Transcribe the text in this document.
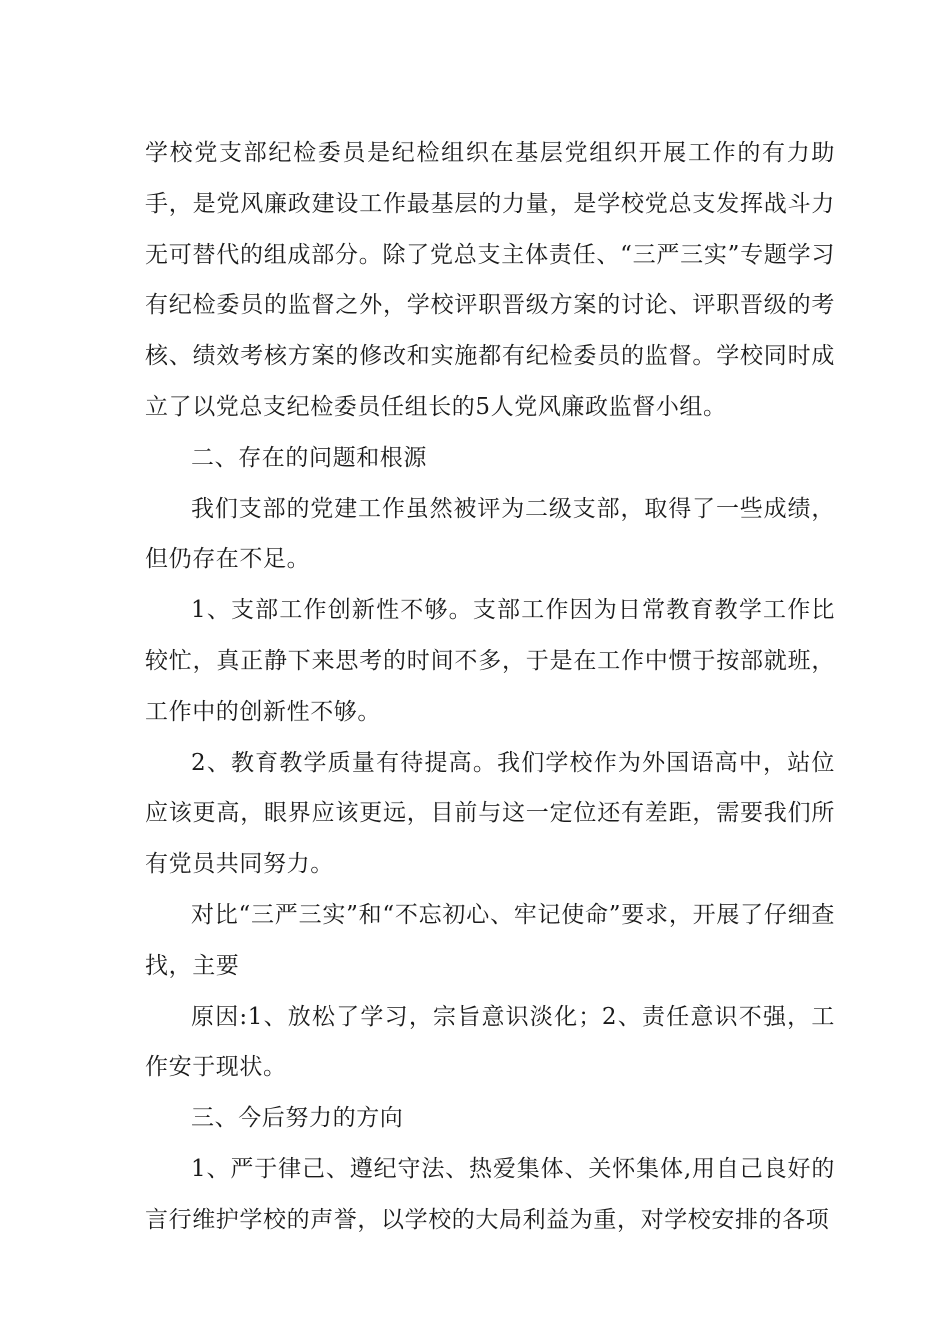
学校党支部纪检委员是纪检组织在基层党组织开展工作的有力助手，是党风廉政建设工作最基层的力量，是学校党总支发挥战斗力无可替代的组成部分。除了党总支主体责任、“三严三实”专题学习有纪检委员的监督之外，学校评职晋级方案的讨论、评职晋级的考核、绩效考核方案的修改和实施都有纪检委员的监督。学校同时成立了以党总支纪检委员任组长的5人党风廉政监督小组。

二、存在的问题和根源

我们支部的党建工作虽然被评为二级支部，取得了一些成绩，但仍存在不足。

1、支部工作创新性不够。支部工作因为日常教育教学工作比较忙，真正静下来思考的时间不多，于是在工作中惯于按部就班，工作中的创新性不够。

2、教育教学质量有待提高。我们学校作为外国语高中，站位应该更高，眼界应该更远，目前与这一定位还有差距，需要我们所有党员共同努力。

对比“三严三实”和“不忘初心、牢记使命”要求，开展了仔细查找，主要

原因:1、放松了学习，宗旨意识淡化；2、责任意识不强，工作安于现状。

三、今后努力的方向

1、严于律己、遵纪守法、热爱集体、关怀集体,用自己良好的言行维护学校的声誉，以学校的大局利益为重，对学校安排的各项
